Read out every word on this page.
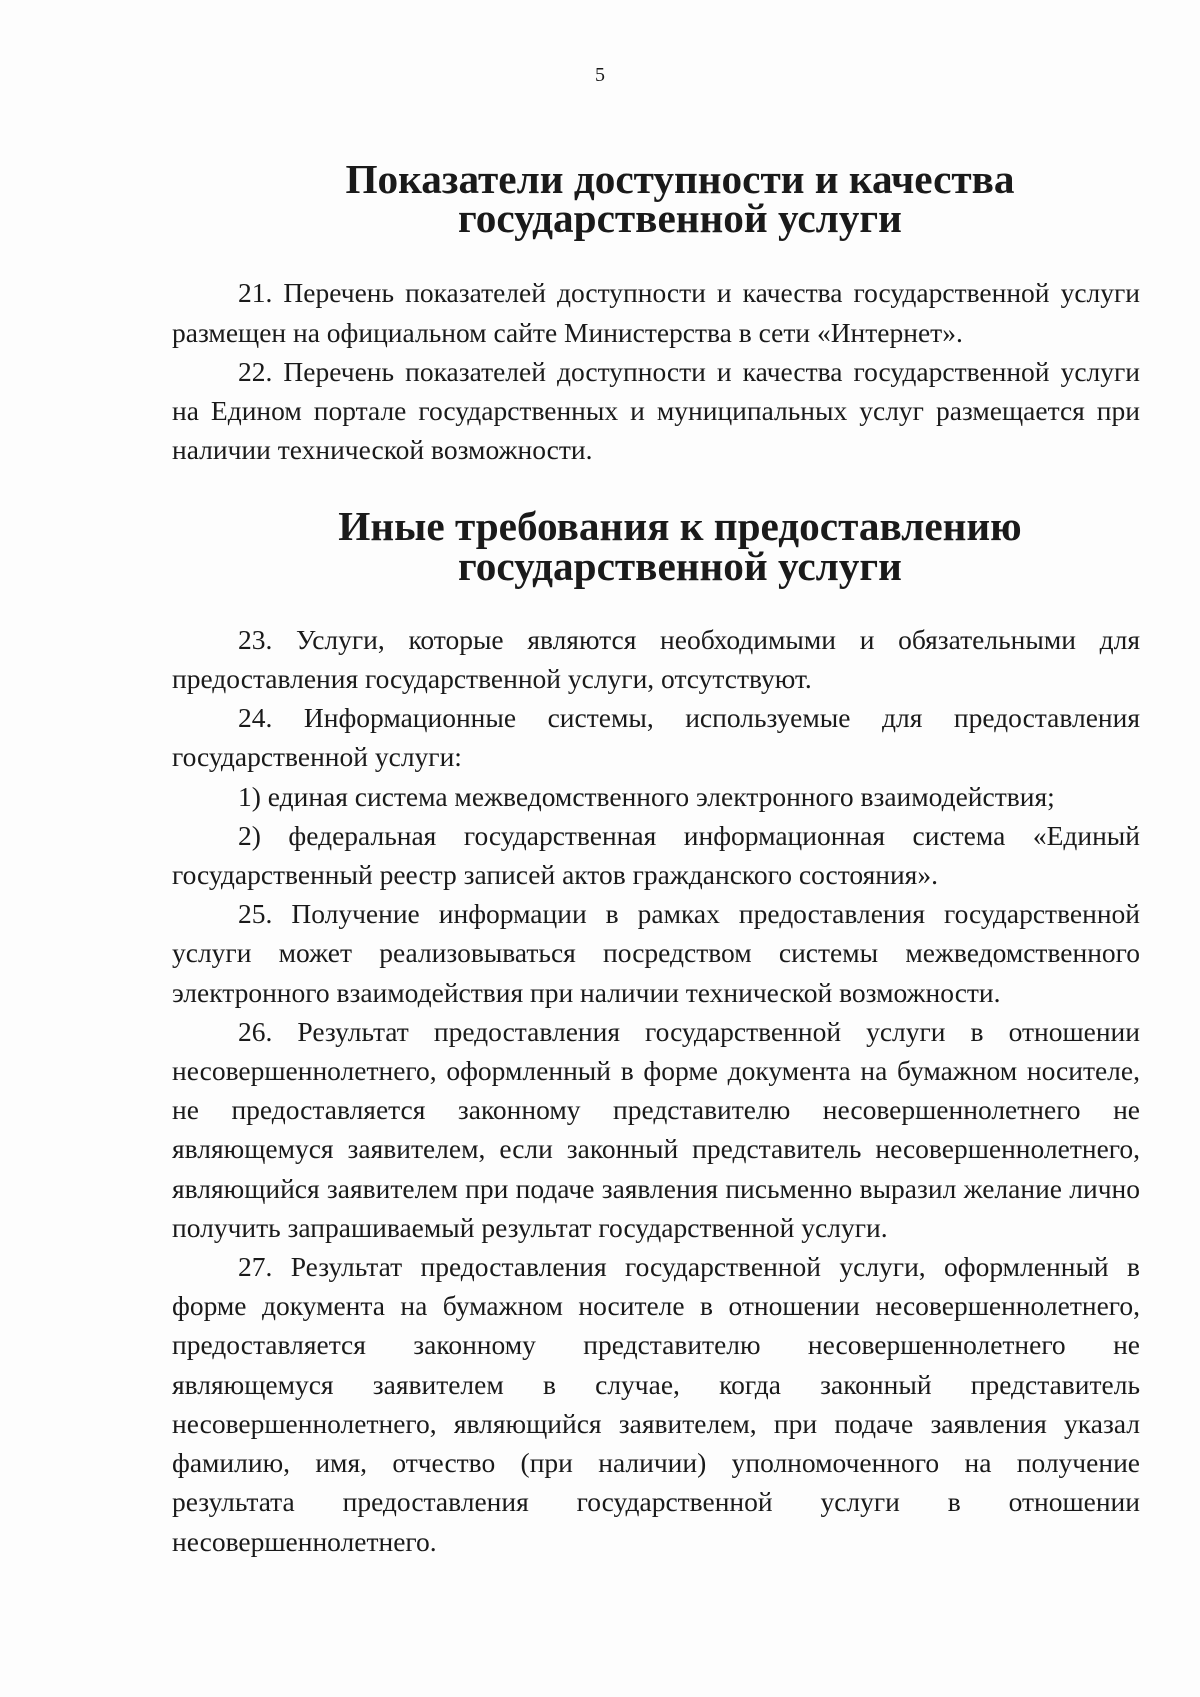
5
Показатели доступности и качества государственной услуги

21. Перечень показателей доступности и качества государственной услуги размещен на официальном сайте Министерства в сети «Интернет».

22. Перечень показателей доступности и качества государственной услуги на Едином портале государственных и муниципальных услуг размещается при наличии технической возможности.

Иные требования к предоставлению государственной услуги

23. Услуги, которые являются необходимыми и обязательными для предоставления государственной услуги, отсутствуют.

24. Информационные системы, используемые для предоставления государственной услуги:

1) единая система межведомственного электронного взаимодействия;

2) федеральная государственная информационная система «Единый государственный реестр записей актов гражданского состояния».

25. Получение информации в рамках предоставления государственной услуги может реализовываться посредством системы межведомственного электронного взаимодействия при наличии технической возможности.

26. Результат предоставления государственной услуги в отношении несовершеннолетнего, оформленный в форме документа на бумажном носителе, не предоставляется законному представителю несовершеннолетнего не являющемуся заявителем, если законный представитель несовершеннолетнего, являющийся заявителем при подаче заявления письменно выразил желание лично получить запрашиваемый результат государственной услуги.

27. Результат предоставления государственной услуги, оформленный в форме документа на бумажном носителе в отношении несовершеннолетнего, предоставляется законному представителю несовершеннолетнего не являющемуся заявителем в случае, когда законный представитель несовершеннолетнего, являющийся заявителем, при подаче заявления указал фамилию, имя, отчество (при наличии) уполномоченного на получение результата предоставления государственной услуги в отношении несовершеннолетнего.
